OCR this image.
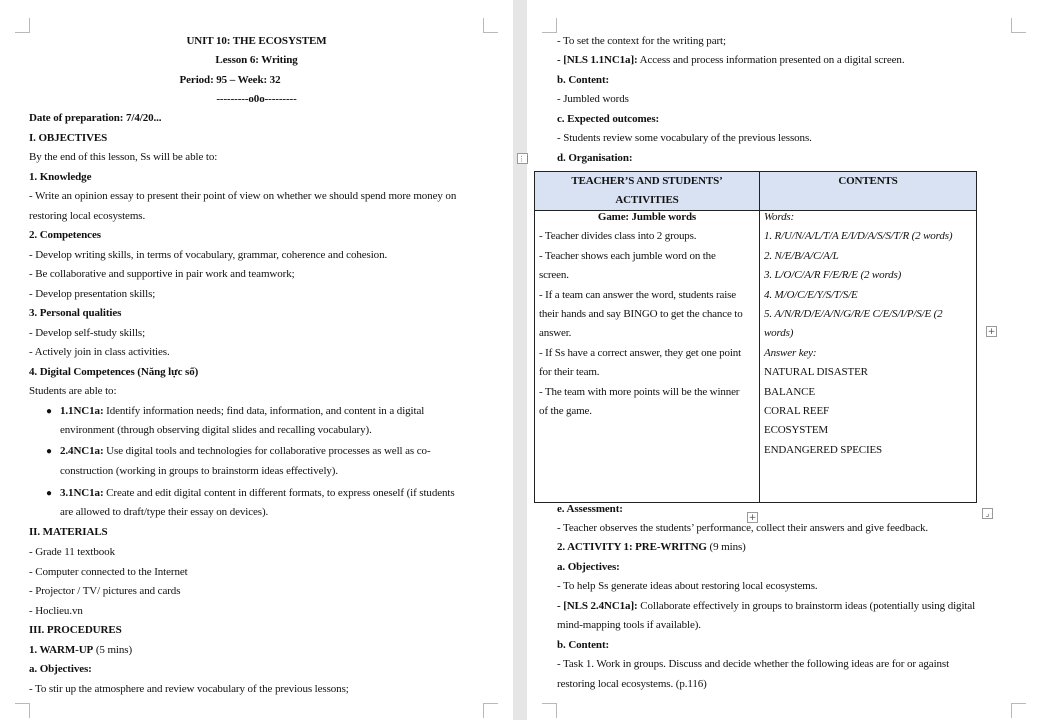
UNIT 10: THE ECOSYSTEM
Lesson 6: Writing
Period: 95 – Week: 32
---------o0o---------
Date of preparation: 7/4/20...
I. OBJECTIVES
By the end of this lesson, Ss will be able to:
1. Knowledge
- Write an opinion essay to present their point of view on whether we should spend more money on
restoring local ecosystems.
2. Competences
- Develop writing skills, in terms of vocabulary, grammar, coherence and cohesion.
- Be collaborative and supportive in pair work and teamwork;
- Develop presentation skills;
3. Personal qualities
- Develop self-study skills;
- Actively join in class activities.
4. Digital Competences (Năng lực số)
Students are able to:
● 1.1NC1a: Identify information needs; find data, information, and content in a digital
environment (through observing digital slides and recalling vocabulary).
● 2.4NC1a: Use digital tools and technologies for collaborative processes as well as co-
construction (working in groups to brainstorm ideas effectively).
● 3.1NC1a: Create and edit digital content in different formats, to express oneself (if students
are allowed to draft/type their essay on devices).
II. MATERIALS
- Grade 11 textbook
- Computer connected to the Internet
- Projector / TV/ pictures and cards
- Hoclieu.vn
III. PROCEDURES
1. WARM-UP (5 mins)
a. Objectives:
- To stir up the atmosphere and review vocabulary of the previous lessons;
- To set the context for the writing part;
- [NLS 1.1NC1a]: Access and process information presented on a digital screen.
b. Content:
- Jumbled words
c. Expected outcomes:
- Students review some vocabulary of the previous lessons.
d. Organisation:
TEACHER’S AND STUDENTS’
ACTIVITIES
CONTENTS
Game: Jumble words
- Teacher divides class into 2 groups.
- Teacher shows each jumble word on the
screen.
- If a team can answer the word, students raise
their hands and say BINGO to get the chance to
answer.
- If Ss have a correct answer, they get one point
for their team.
- The team with more points will be the winner
of the game.
Words:
1. R/U/N/A/L/T/A E/I/D/A/S/S/T/R (2 words)
2. N/E/B/A/C/A/L
3. L/O/C/A/R F/E/R/E (2 words)
4. M/O/C/E/Y/S/T/S/E
5. A/N/R/D/E/A/N/G/R/E C/E/S/I/P/S/E (2
words)
Answer key:
NATURAL DISASTER
BALANCE
CORAL REEF
ECOSYSTEM
ENDANGERED SPECIES
+
+	⌟
e. Assessment:
- Teacher observes the students’ performance, collect their answers and give feedback.
2. ACTIVITY 1: PRE-WRITNG (9 mins)
a. Objectives:
- To help Ss generate ideas about restoring local ecosystems.
- [NLS 2.4NC1a]: Collaborate effectively in groups to brainstorm ideas (potentially using digital
mind-mapping tools if available).
b. Content:
- Task 1. Work in groups. Discuss and decide whether the following ideas are for or against
restoring local ecosystems. (p.116)
⋮⋮
